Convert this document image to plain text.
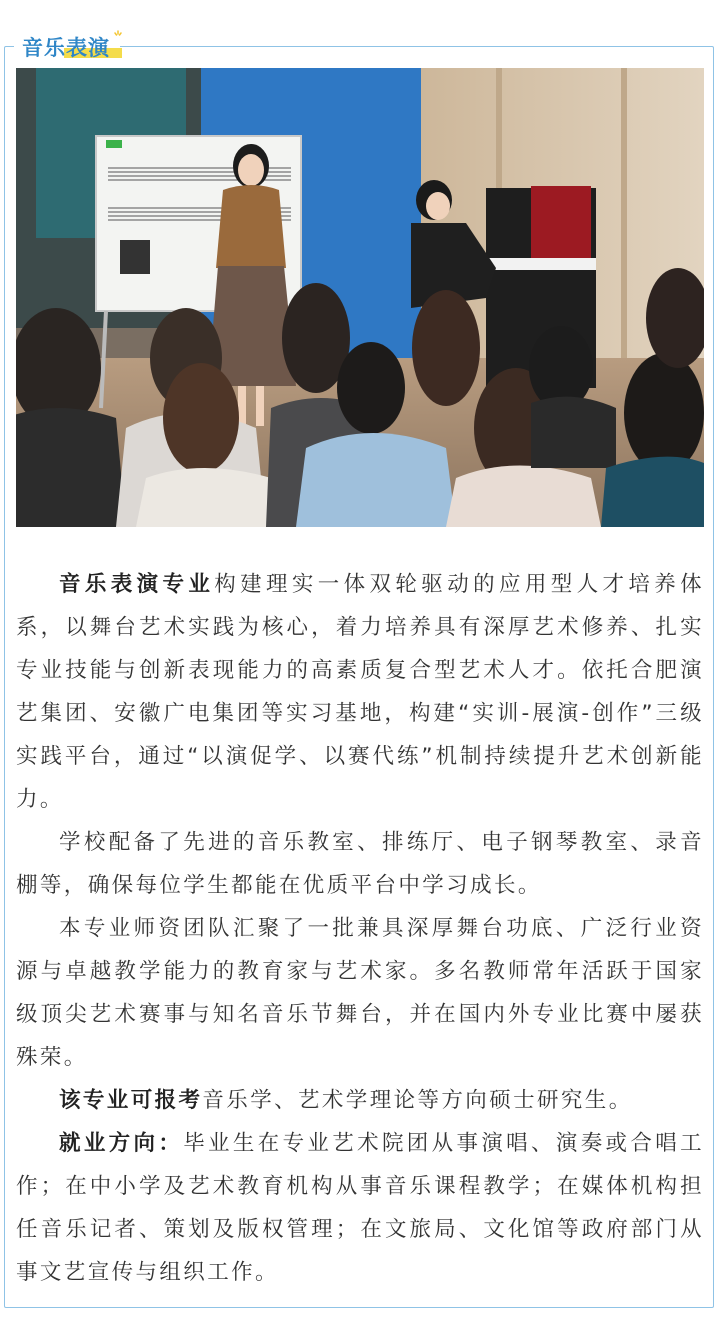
音乐表演

音乐表演专业构建理实一体双轮驱动的应用型人才培养体系，以舞台艺术实践为核心，着力培养具有深厚艺术修养、扎实专业技能与创新表现能力的高素质复合型艺术人才。依托合肥演艺集团、安徽广电集团等实习基地，构建“实训-展演-创作”三级实践平台，通过“以演促学、以赛代练”机制持续提升艺术创新能力。

学校配备了先进的音乐教室、排练厅、电子钢琴教室、录音棚等，确保每位学生都能在优质平台中学习成长。

本专业师资团队汇聚了一批兼具深厚舞台功底、广泛行业资源与卓越教学能力的教育家与艺术家。多名教师常年活跃于国家级顶尖艺术赛事与知名音乐节舞台，并在国内外专业比赛中屡获殊荣。

该专业可报考音乐学、艺术学理论等方向硕士研究生。

就业方向：毕业生在专业艺术院团从事演唱、演奏或合唱工作；在中小学及艺术教育机构从事音乐课程教学；在媒体机构担任音乐记者、策划及版权管理；在文旅局、文化馆等政府部门从事文艺宣传与组织工作。
